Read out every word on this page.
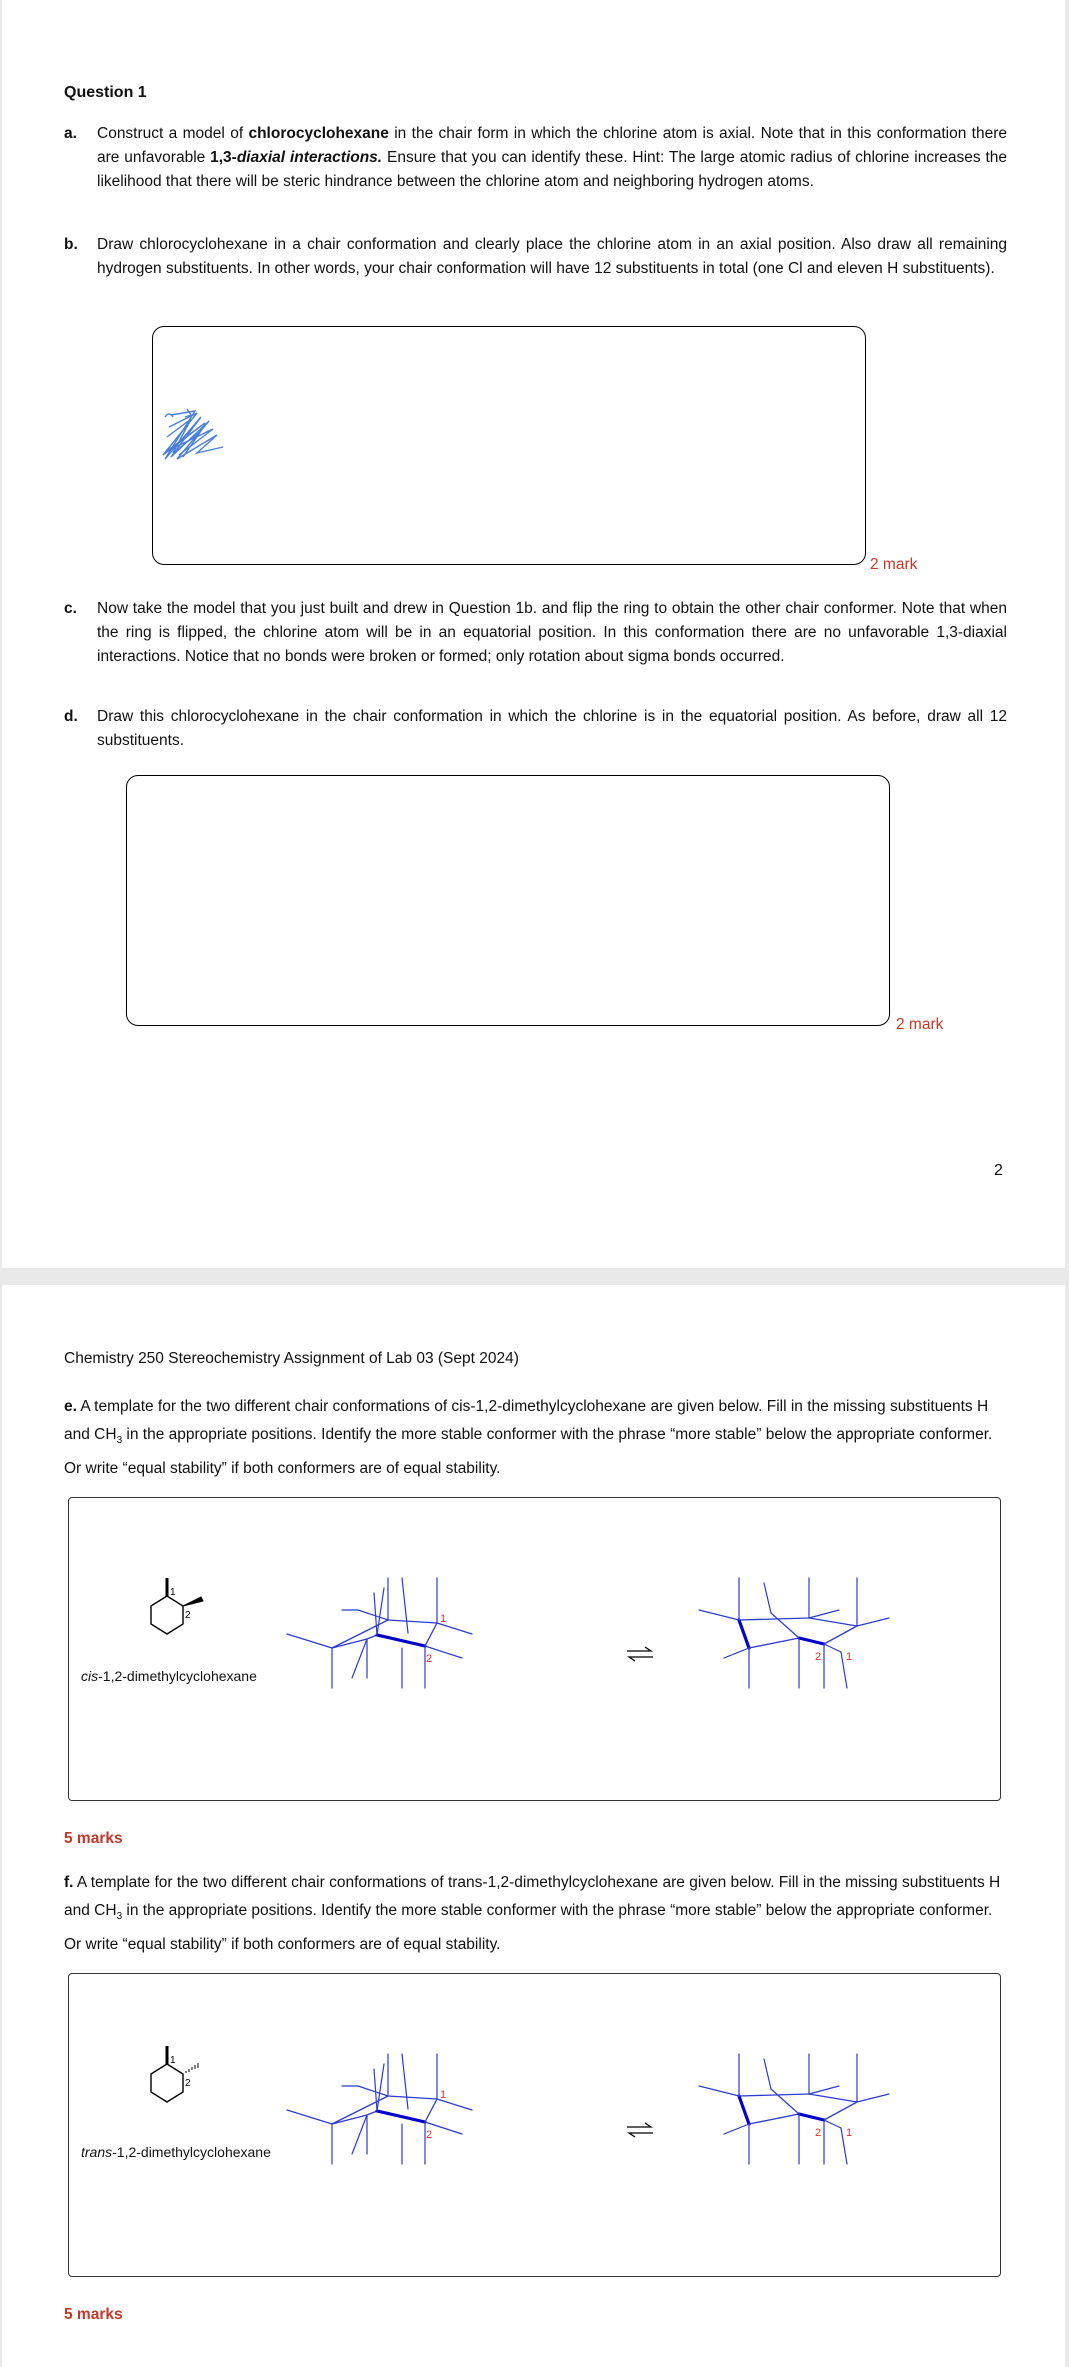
Question 1
a. Construct a model of chlorocyclohexane in the chair form in which the chlorine atom is axial. Note that in this conformation there are unfavorable 1,3-diaxial interactions. Ensure that you can identify these. Hint: The large atomic radius of chlorine increases the likelihood that there will be steric hindrance between the chlorine atom and neighboring hydrogen atoms.
b. Draw chlorocyclohexane in a chair conformation and clearly place the chlorine atom in an axial position. Also draw all remaining hydrogen substituents. In other words, your chair conformation will have 12 substituents in total (one Cl and eleven H substituents).
2 mark
c. Now take the model that you just built and drew in Question 1b. and flip the ring to obtain the other chair conformer. Note that when the ring is flipped, the chlorine atom will be in an equatorial position. In this conformation there are no unfavorable 1,3-diaxial interactions. Notice that no bonds were broken or formed; only rotation about sigma bonds occurred.
d. Draw this chlorocyclohexane in the chair conformation in which the chlorine is in the equatorial position. As before, draw all 12 substituents.
2 mark
2
Chemistry 250 Stereochemistry Assignment of Lab 03 (Sept 2024)
e. A template for the two different chair conformations of cis-1,2-dimethylcyclohexane are given below. Fill in the missing substituents H and $CH_3$ in the appropriate positions. Identify the more stable conformer with the phrase “more stable” below the appropriate conformer. Or write “equal stability” if both conformers are of equal stability.
1
2
cis-1,2-dimethylcyclohexane
1
2	2 1
5 marks
f. A template for the two different chair conformations of trans-1,2-dimethylcyclohexane are given below. Fill in the missing substituents H and $CH_3$ in the appropriate positions. Identify the more stable conformer with the phrase “more stable” below the appropriate conformer. Or write “equal stability” if both conformers are of equal stability.
1
2
trans-1,2-dimethylcyclohexane
1
2	2 1
5 marks
